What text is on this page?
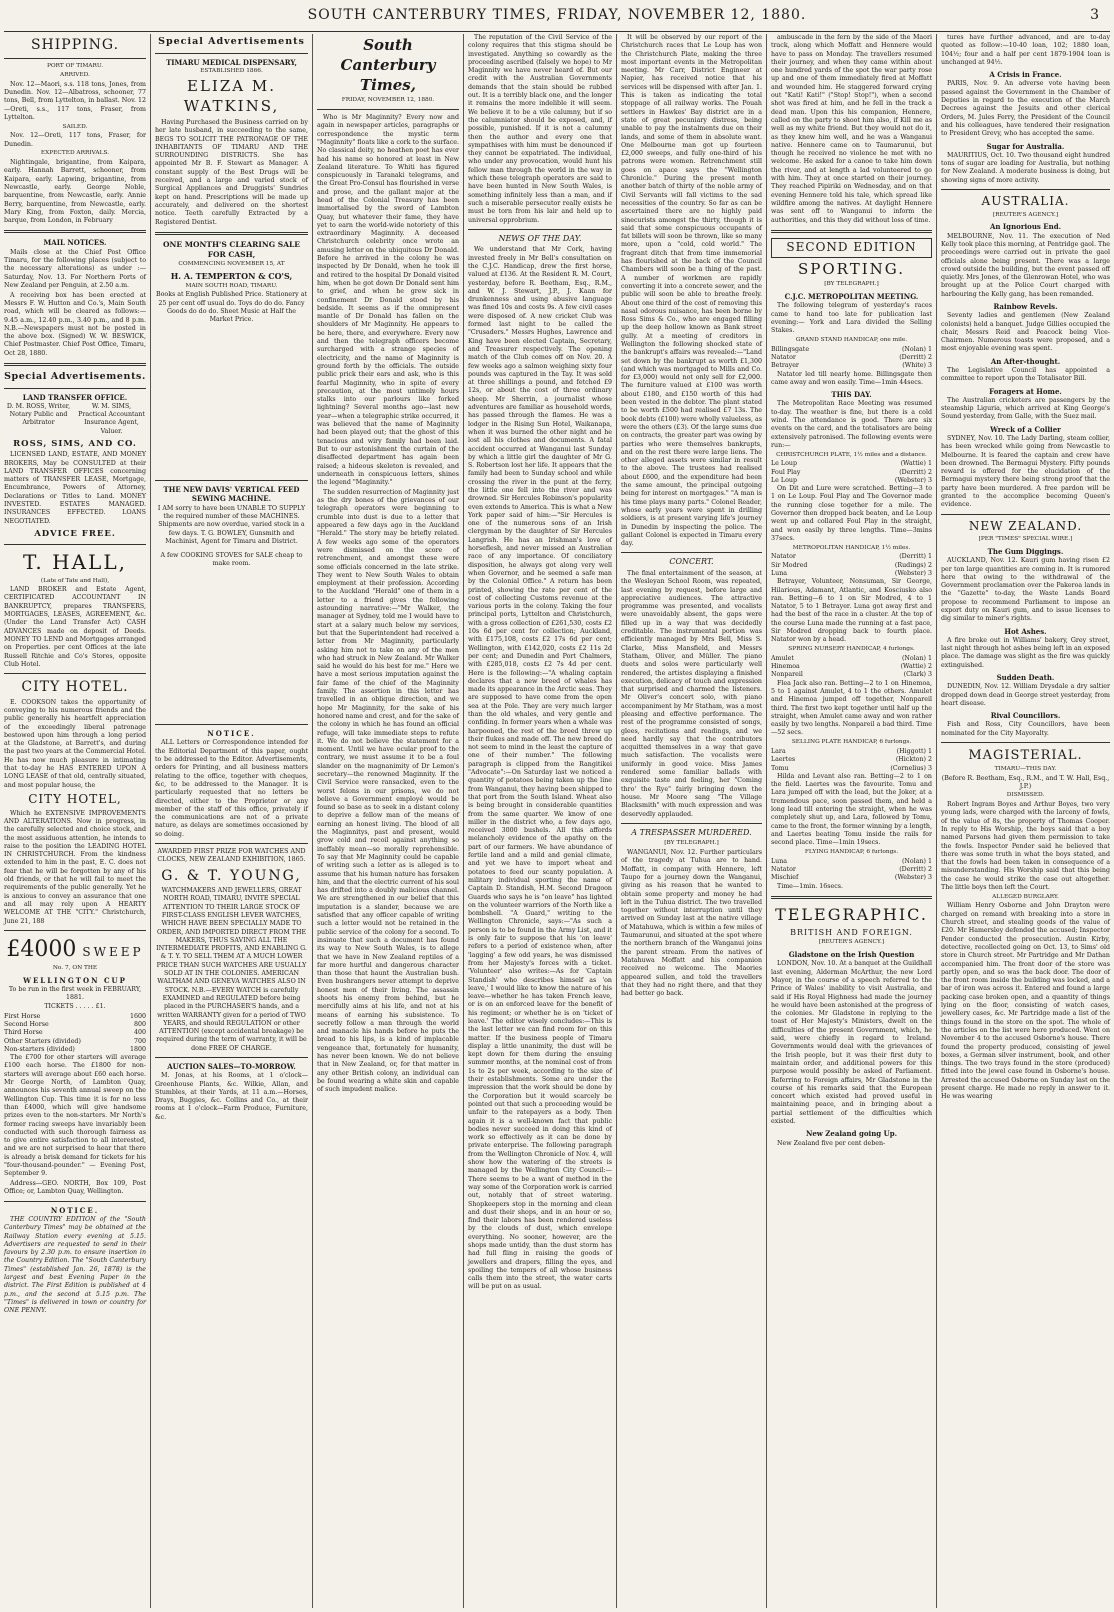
SOUTH CANTERBURY TIMES, FRIDAY, NOVEMBER 12, 1880.	3
SHIPPING.
PORT OF TIMARU.
ARRIVED.
Nov. 12—Maori, s.s. 118 tons, Jones, from Dunedin. Nov. 12—Albatross, schooner, 77 tons, Bell, from Lyttelton, in ballast. Nov. 12—Oreti, s.s., 117 tons, Fraser, from Lyttelton.
SAILED.
Nov. 12—Oreti, 117 tons, Fraser, for Dunedin.
EXPECTED ARRIVALS.
Nightingale, brigantine, from Kaipara, early. Hannah Barrett, schooner, from Kaipara, early. Lapwing, brigantine, from Newcastle, early. George Noble, barquentine, from Newcastle, early. Annie Berry, barquentine, from Newcastle, early. Mary King, from Foxton, daily. Mercia, barque, from London, in February
MAIL NOTICES.
Mails close at the Chief Post Office Timaru, for the following places (subject to the necessary alterations) as under :— Saturday, Nov. 13. For Northern Ports of New Zealand per Penguin, at 2.50 a.m.
A receiving box has been erected at Messrs F. W. Hutton and Co.'s, Main South road, which will be cleared as follows:—9.45 a.m., 12.40 p.m., 3.40 p.m., and 8 p.m. N.B.—Newspapers must not be posted in the above box. (Signed) W. W. BESWICK, Chief Postmaster. Chief Post Office, Timaru, Oct 28, 1880.
Special Advertisements.
LAND TRANSFER OFFICE.
D. M. ROSS, Writer, Notary Public and Arbitrator
W. M. SIMS, Practical Accountant Insurance Agent, Valuer.
ROSS, SIMS, AND CO.
LICENSED LAND, ESTATE, AND MONEY BROKERS, May be CONSULTED at their LAND TRANSFER OFFICES concerning matters of TRANSFER LEASE, Mortgage, Encumbrance, Powers of Attorney, Declarations or Titles to Land. MONEY INVESTED. ESTATES MANAGED. INSURANCES EFFECTED. LOANS NEGOTIATED.
ADVICE FREE.
T. HALL,
(Late of Tate and Hall),
LAND BROKER and Estate Agent, CERTIFICATED ACCOUNTANT IN BANKRUPTCY, prepares TRANSFERS, MORTGAGES, LEASES, AGREEMENT, &c. (Under the Land Transfer Act) CASH ADVANCES made on deposit of Deeds. MONEY TO LEND and Mortgages arranged on Properties. per cent Offices at the late Russell Ritchie and Co's Stores, opposite Club Hotel.
CITY HOTEL.
E. COOKSON takes the opportunity of conveying to his numerous friends and the public generally his heartfelt appreciation of the exceedingly liberal patronage bestowed upon him through a long period at the Gladstone, at Barrett's, and during the past two years at the Commercial Hotel. He has now much pleasure in intimating that to-day he HAS ENTERED UPON A LONG LEASE of that old, centrally situated, and most popular house, the
CITY HOTEL,
Which he EXTENSIVE IMPROVEMENTS AND ALTERATIONS. Now in progress, in the carefully selected and choice stock, and the most assiduous attention, he intends to raise to the position the LEADING HOTEL IN CHRISTCHURCH. From the kindness extended to him in the past, E. C. does not fear that he will be forgotten by any of his old friends, or that he will fail to meet the requirements of the public generally. Yet he is anxious to convey an assurance that one and all may rely upon A HEARTY WELCOME AT THE "CITY." Christchurch, June 21, 188
£4000 SWEEP
No. 7, ON THE
WELLINGTON CUP
To be run in the first week in FEBRUARY, 1881.
TICKETS . . . . . £1.
First Horse	1600
Second Horse	800
Third Horse	400
Other Starters (divided)	700
Non-starters (divided)	1800
The £700 for other starters will average £100 each horse. The £1800 for non-starters will average about £60 each horse. Mr George North, of Lambton Quay, announces his seventh annual sweep on the Wellington Cup. This time it is for no less than £4000, which will give handsome prizes even to the non-starters. Mr North's former racing sweeps have invariably been conducted with such thorough fairness as to give entire satisfaction to all interested, and we are not surprised to hear that there is already a brisk demand for tickets for his "four-thousand-pounder." — Evening Post, September 9.
Address—GEO. NORTH, Box 109, Post Office; or, Lambton Quay, Wellington.
NOTICE.
THE COUNTRY EDITION of the "South Canterbury Times" may be obtained at the Railway Station every evening at 5.15. Advertisers are requested to send in their favours by 2.30 p.m. to ensure insertion in the Country Edition. The "South Canterbury Times" (established Jan. 26, 1878) is the largest and best Evening Paper in the district. The First Edition is published at 4 p.m., and the second at 5.15 p.m. The "Times" is delivered in town or country for ONE PENNY.
Special Advertisements
TIMARU MEDICAL DISPENSARY,
ESTABLISHED 1866.
ELIZA M. WATKINS,
Having Purchased the Business carried on by her late husband, in succeeding to the same, BEGS TO SOLICIT THE PATRONAGE OF THE INHABITANTS OF TIMARU AND THE SURROUNDING DISTRICTS. She has appointed Mr B. F. Stewart as Manager. A constant supply of the Best Drugs will be received, and a large and varied stock of Surgical Appliances and Druggists' Sundries kept on hand. Prescriptions will be made up accurately, and delivered on the shortest notice. Teeth carefully Extracted by a Registered Dentist.
ONE MONTH'S CLEARING SALE FOR CASH,
COMMENCING NOVEMBER 15, AT
H. A. TEMPERTON & CO'S,
MAIN SOUTH ROAD, TIMARU.
Books at English Published Price. Stationery at 25 per cent off usual do. Toys do do do. Fancy Goods do do do. Sheet Music at Half the Market Price.
THE NEW DAVIS' VERTICAL FEED SEWING MACHINE.
I AM sorry to have been UNABLE TO SUPPLY the required number of these MACHINES. Shipments are now overdue, varied stock in a few days. T. G. BOWLEY, Gunsmith and Machinist, Agent for Timaru and District.
A few COOKING STOVES for SALE cheap to make room.
NOTICE.
ALL Letters or Correspondence intended for the Editorial Department of this paper, ought to be addressed to the Editor. Advertisements, orders for Printing, and all business matters relating to the office, together with cheques, &c, to be addressed to the Manager. It is particularly requested that no letters be directed, either to the Proprietor or any member of the staff of this office, privately if the communications are not of a private nature, as delays are sometimes occasioned by so doing.
AWARDED FIRST PRIZE FOR WATCHES AND CLOCKS, NEW ZEALAND EXHIBITION, 1865.
G. & T. YOUNG,
WATCHMAKERS AND JEWELLERS, GREAT NORTH ROAD, TIMARU, INVITE SPECIAL ATTENTION TO THEIR LARGE STOCK OF FIRST-CLASS ENGLISH LEVER WATCHES, WHICH HAVE BEEN SPECIALLY MADE TO ORDER, AND IMPORTED DIRECT FROM THE MAKERS, THUS SAVING ALL THE INTERMEDIATE PROFITS, AND ENABLING G. & T. Y. TO SELL THEM AT A MUCH LOWER PRICE THAN SUCH WATCHES ARE USUALLY SOLD AT IN THE COLONIES. AMERICAN WALTHAM AND GENEVA WATCHES ALSO IN STOCK. N.B.—EVERY WATCH is carefully EXAMINED and REGULATED before being placed in the PURCHASER'S hands, and a written WARRANTY given for a period of TWO YEARS, and should REGULATION or other ATTENTION (except accidental breakage) be required during the term of warranty, it will be done FREE OF CHARGE.
AUCTION SALES—TO-MORROW.
M. Jonas, at his Rooms, at 1 o'clock—Greenhouse Plants, &c. Wilkie, Allan, and Stumbles, at their Yards, at 11 a.m.—Horses, Drays, Buggies, &c. Collins and Co., at their rooms at 1 o'clock—Farm Produce, Furniture, &c.
South Canterbury Times,
FRIDAY, NOVEMBER 12, 1880.
Who is Mr Maginnity? Every now and again in newspaper articles, paragraphs or correspondence the mystic term "Maginnity" floats like a cork to the surface. No classical deity, no heathen poet has ever had his name so honored at least in New Zealand literature. To Whiti has figured conspicuously in Taranaki telegrams, and the Great Pro-Consul has flourished in verse and prose, and the gallant major at the head of the Colonial Treasury has been immortalised by the sword of Lambton Quay, but whatever their fame, they have yet to earn the world-wide notoriety of this extraordinary Maginnity. A deceased Christchurch celebrity once wrote an amusing letter on the ubiquitous Dr Donald. Before he arrived in the colony he was inspected by Dr Donald, when he took ill and retired to the hospital Dr Donald visited him, when he got down Dr Donald sent him to grief, and when he grew sick in confinement Dr Donald stood by his bedside. It seems as if the omnipresent mantle of Dr Donald has fallen on the shoulders of Mr Maginnity. He appears to be here, there, and everywhere. Every now and then the telegraph officers become surcharged with a strange species of electricity, and the name of Maginnity is ground forth by the officials. The outside public prick their ears and ask, who is this fearful Maginnity, who in spite of every precaution, at the most untimely hours stalks into our parlours like forked lightning? Several months ago—last new year—when a telegraphic strike occurred, it was believed that the name of Maginnity had been played out; that the ghost of this tenacious and wiry family had been laid. But to our astonishment the curtain of the disaffected department has again been raised; a hideous skeleton is revealed, and underneath in conspicuous letters, shines the legend "Maginnity."
The sudden resurrection of Maginnity just as the dry bones of the grievances of our telegraph operators were beginning to crumble into dust is due to a letter that appeared a few days ago in the Auckland "Herald." The story may be briefly related. A few weeks ago some of the operators were dismissed on the score of retrenchment, and amongst these were some officials concerned in the late strike. They went to New South Wales to obtain employment at their profession. According to the Auckland "Herald" one of them in a letter to a friend gives the following astounding narrative:—"Mr Walker, the manager at Sydney, told me I would have to start at a salary much below my services, but that the Superintendent had received a letter from Mr Maginnity, particularly asking him not to take on any of the men who had struck in New Zealand. Mr Walker said he would do his best for me." Here we have a most serious imputation against the fair fame of the chief of the Maginnity family. The assertion in this letter has travelled in an oblique direction, and we hope Mr Maginnity, for the sake of his honored name and crest, and for the sake of the colony in which he has found an official refuge, will take immediate steps to refute it. We do not believe the statement for a moment. Until we have ocular proof to the contrary, we must assume it to be a foul slander on the magnanimity of Dr Lemon's secretary—the renowned Maginnity. If the Civil Service were ransacked, even to the worst felons in our prisons, we do not believe a Government employé would be found so base as to seek in a distant colony to deprive a fellow man of the means of earning an honest living. The blood of all the Maginnitys, past and present, would grow cold and recoil against anything so ineffably mean—so morally reprehensible. To say that Mr Maginnity could be capable of writing such a letter as is alleged is to assume that his human nature has forsaken him, and that the electric current of his soul has drifted into a doubly malicious channel. We are strengthened in our belief that this imputation is a slander, because we are satisfied that any officer capable of writing such a letter would not be retained in the public service of the colony for a second. To insinuate that such a document has found its way to New South Wales, is to allege that we have in New Zealand reptiles of a far more hurtful and dangerous character than those that haunt the Australian bush. Even bushrangers never attempt to deprive honest men of their living. The assassin shoots his enemy from behind, but he mercifully aims at his life, and not at his means of earning his subsistence. To secretly follow a man through the world and manacle his hands before he puts the bread to his lips, is a kind of implacable vengeance that, fortunately for humanity, has never been known. We do not believe that in New Zealand, or, for that matter in any other British colony, an individual can be found wearing a white skin and capable of such impudent malice.
The reputation of the Civil Service of the colony requires that this stigma should be investigated. Anything so cowardly as the proceeding ascribed (falsely we hope) to Mr Maginnity we have never heard of. But our credit with the Australian Governments demands that the stain should be rubbed out. It is a terribly black one, and the longer it remains the more indelible it will seem. We believe it to be a vile calumny, but if so the calumniator should be exposed, and, if possible, punished. If it is not a calumny then the author and every one that sympathises with him must be denounced if they cannot be expatriated. The individual, who under any provocation, would hunt his fellow man through the world in the way in which these telegraph operators are said to have been hunted in New South Wales, is something infinitely less than a man, and if such a miserable persecutor really exists he must be torn from his lair and held up to universal opprobrium.
NEWS OF THE DAY.
We understand that Mr Cork, having invested freely in Mr Bell's consultation on the C.J.C. Handicap, drew the first horse, valued at £136. At the Resident R. M. Court, yesterday, before R. Beetham, Esq., R.M., and W. J. Stewart, J.P., J. Kaan for drunkenness and using abusive language was fined 10s and costs 9s. A few civil cases were disposed of. A new cricket Club was formed last night to be called the "Crusaders." Messrs Hughes, Lawrence and King have been elected Captain, Secretary, and Treasurer respectively. The opening match of the Club comes off on Nov. 20. A few weeks ago a salmon weighing sixty four pounds was captured in the Tay. It was sold at three shillings a pound, and fetched £9 12s, or about the cost of three ordinary sheep. Mr Sherrin, a journalist whose adventures are familiar as household words, has passed through the flames. He was a lodger in the Rising Sun Hotel, Waikanapa, when it was burned the other night and he lost all his clothes and documents. A fatal accident occurred at Wanganui last Sunday by which a little girl the daughter of Mr G. S. Robertson lost her life. It appears that the family had been to Sunday school and while crossing the river in the punt at the ferry, the little one fell into the river and was drowned. Sir Hercules Robinson's popularity even extends to America. This is what a New York paper said of him:—"Sir Hercules is one of the numerous sons of an Irish clergyman by the daughter of Sir Hercules Langrish. He has an Irishman's love of horseflesh, and never missed an Australian race of any importance. Of conciliatory disposition, he always got along very well when Governor, and he seemed a safe man by the Colonial Office." A return has been printed, showing the rate per cent of the cost of collecting Customs revenue at the various ports in the colony. Taking the four principal ports, Lyttelton and Christchurch, with a gross collection of £261,530, costs £2 10s 6d per cent for collection; Auckland, with £175,108, costs £2 17s 6d per cent; Wellington, with £142,020, costs £2 11s 2d per cent; and Dunedin and Port Chalmers, with £285,018, costs £2 7s 4d per cent. Here is the following:—"A whaling captain declares that a new breed of whales has made its appearance in the Arctic seas. They are supposed to have come from the open sea at the Pole. They are very much larger than the old whales, and very gentle and confiding. In former years when a whale was harpooned, the rest of the breed threw up their flukes and made off. The new breed do not seem to mind in the least the capture of one of their number." The following paragraph is clipped from the Rangitikei "Advocate":—On Saturday last we noticed a quantity of potatoes being taken up the line from Wanganui, they having been shipped to that port from the South Island. Wheat also is being brought in considerable quantities from the same quarter. We know of one miller in the district who, a few days ago, received 3000 bushels. All this affords melancholy evidence of the apathy on the part of our farmers. We have abundance of fertile land and a mild and genial climate, and yet we have to import wheat and potatoes to feed our scanty population. A military individual sporting the name of Captain D. Standish, H.M. Second Dragoon Guards who says he is "on leave" has lighted on the volunteer warriors of the North like a bombshell. "A Guard," writing to the Wellington Chronicle, says:—"As such a person is to be found in the Army List, and it is only fair to suppose that his 'on leave' refers to a period of existence when, after 'lagging' a few odd years, he was dismissed from her Majesty's forces with a ticket. 'Volunteer' also writes:—As for 'Captain Standish' who describes himself as 'on leave,' I would like to know the nature of his leave—whether he has taken French leave, or is on an enforced leave for the benefit of his regiment; or whether he is on 'ticket of leave.' The editor wisely concludes:—This is the last letter we can find room for on this matter. If the business people of Timaru display a little unanimity, the dust will be kept down for them during the ensuing summer months, at the nominal cost of from 1s to 2s per week, according to the size of their establishments. Some are under the impression that the work should be done by the Corporation but it would scarcely be pointed out that such a proceeding would be unfair to the ratepayers as a body. Then again it is a well-known fact that public bodies never succeed in doing this kind of work so effectively as it can be done by private enterprise. The following paragraph from the Wellington Chronicle of Nov. 4, will show how the watering of the streets is managed by the Wellington City Council:—There seems to be a want of method in the way some of the Corporation work is carried out, notably that of street watering. Shopkeepers stop in the morning and clean and dust their shops, and in an hour or so, find their labors has been rendered useless by the clouds of dust, which envelope everything. No sooner, however, are the shops made untidy, than the dust storm has had full fling in raising the goods of jewellers and drapers, filling the eyes, and spoiling the tempers of all whose business calls them into the street, the water carts will be put on as usual.
It will be observed by our report of the Christchurch races that Le Loup has won the Christchurch Plate, making the three most important events in the Metropolitan meeting. Mr Carr, District Engineer at Napier, has received notice that his services will be dispensed with after Jan. 1. This is taken as indicating the total stoppage of all railway works. The Pouah settlers in Hawkes' Bay district are in a state of great pecuniary distress, being unable to pay the instalments due on their lands, and some of them in absolute want. One Melbourne man got up fourteen £2,000 sweeps, and fully one-third of his patrons were women. Retrenchment still goes on apace says the "Wellington Chronicle." During the present month another batch of thirty of the noble army of Civil Servants will fall victims to the sad necessities of the country. So far as can be ascertained there are no highly paid sinecurists amongst the thirty, though it is said that some conspicuous occupants of fat billets will soon be thrown, like so many more, upon a "cold, cold world." The fragrant ditch that from time immemorial has flourished at the back of the Council Chambers will soon be a thing of the past. A number of workmen are rapidly converting it into a concrete sewer, and the public will soon be able to breathe freely. About one third of the cost of removing this nasal odorous nuisance, has been borne by Ross Sims & Co., who are engaged filling up the deep hollow known as Bank street gully. At a meeting of creditors in Wellington the following shocked state of the bankrupt's affairs was revealed:—"Land set down by the bankrupt as worth £1,300 (and which was mortgaged to Mills and Co. for £3,000) would not only sell for £2,000. The furniture valued at £100 was worth about £180, and £150 worth of this had been vested in the debtor. The plant stated to be worth £500 had realised £7 13s. The book debts (£100) were wholly valueless, as were the others (£3). Of the large sums due on contracts, the greater part was owing by parties who were themselves bankrupts, and on the rest there were large liens. The other alleged assets were similar in result to the above. The trustees had realised about £600, and the expenditure had been the same amount, the principal outgoing being for interest on mortgages." "A man is his time plays many parts." Colonel Reader, whose early years were spent in drilling soldiers, is at present varying life's journey in Dunedin by inspecting the police. The gallant Colonel is expected in Timaru every day.
CONCERT.
The final entertainment of the season, at the Wesleyan School Room, was repeated, last evening by request, before large and appreciative audiences. The attractive programme was presented, and vocalists were unavoidably absent, the gaps were filled up in a way that was decidedly creditable. The instrumental portion was efficiently managed by Mrs Bell, Miss S. Clarke, Miss Mansfield, and Messrs Statham, Oliver, and Müller. The piano duets and solos were particularly well rendered, the artistes displaying a finished execution, delicacy of touch and expression that surprised and charmed the listeners. Mr Oliver's concert solo, with piano accompaniment by Mr Statham, was a most pleasing and effective performance. The rest of the programme consisted of songs, glees, recitations and readings, and we need hardly say that the contributors acquitted themselves in a way that gave much satisfaction. The vocalists were uniformly in good voice. Miss James rendered some familiar ballads with exquisite taste and feeling, her "Coming thro' the Rye" fairly bringing down the house. Mr Moore sang "The Village Blacksmith" with much expression and was deservedly applauded.
A TRESPASSER MURDERED.
[BY TELEGRAPH.]
WANGANUI, Nov. 12. Further particulars of the tragedy at Tuhua are to hand. Moffatt, in company with Hennere, left Taupo for a journey down the Wanganui, giving as his reason that he wanted to obtain some property and money he had left in the Tuhua district. The two travelled together without interruption until they arrived on Sunday last at the native village of Matahuwa, which is within a few miles of Taumarunui, and situated at the spot where the northern branch of the Wanganui joins the parent stream. From the natives of Matahuwa Moffatt and his companion received no welcome. The Maories appeared sullen, and told the travellers that they had no right there, and that they had better go back.
ambuscade in the fern by the side of the Maori track, along which Moffatt and Hennere would have to pass on Monday. The travellers resumed their journey, and when they came within about one hundred yards of the spot the war party rose up and one of them immediately fired at Moffatt and wounded him. He staggered forward crying out "Kati! Kati!" ("Stop! Stop!"), when a second shot was fired at him, and he fell in the track a dead man. Upon this his companion, Hennere, called on the party to shoot him also, if Kill me as well as my white friend. But they would not do it, as they knew him well, and he was a Wanganui native. Hennere came on to Taumarunui, but though he received no violence he met with no welcome. He asked for a canoe to take him down the river, and at length a lad volunteered to go with him. They at once started on their journey. They reached Pipiriki on Wednesday, and on that evening Hennere told his tale, which spread like wildfire among the natives. At daylight Hennere was sent off to Wanganui to inform the authorities, and this they did without loss of time.
SECOND EDITION
SPORTING.
[BY TELEGRAPH.]
C.J.C. METROPOLITAN MEETING.
The following telegram of yesterday's races came to hand too late for publication last evening:— York and Lara divided the Selling Stakes.
GRAND STAND HANDICAP, one mile.
Billingsgate	(Nolan) 1
Natator	(Derritt) 2
Betrayer	(White) 3
Natator led till nearly home. Billingsgate then came away and won easily. Time—1min 44secs.
THIS DAY.
The Metropolitan Race Meeting was resumed to-day. The weather is fine, but there is a cold wind. The attendance is good. There are six events on the card, and the totalisators are being extensively patronised. The following events were run:—
CHRISTCHURCH PLATE, 1½ miles and a distance.
Le Loup	(Wattie) 1
Foul Play	(Derritt) 2
Le Loup	(Webster) 3
On Dit and Lure were scratched. Betting—3 to 1 on Le Loup. Foul Play and The Governor made the running close together for a mile. The Governor then dropped back beaten, and Le Loup went up and collared Foul Play in the straight, and won easily by three lengths. Time—3mins 37secs.
METROPOLITAN HANDICAP, 1½ miles.
Natator	(Derritt) 1
Sir Modred	(Rudings) 2
Luna	(Webster) 3
Betrayer, Volunteer, Nonsuman, Sir George, Hilarious, Adamant, Atlantic, and Kosciusko also ran. Betting—6 to 1 on Sir Modred, 4 to 1 Natator, 5 to 1 Betrayer. Luna got away first and had the best of the race in a cluster. At the top of the course Luna made the running at a fast pace, Sir Modred dropping back to fourth place. Natator won by a head.
SPRING NURSERY HANDICAP, 4 furlongs.
Amulet	(Nolan) 1
Hinemoa	(Wattie) 2
Nonpareil	(Clark) 3
Flea Jack also ran. Betting—2 to 1 on Hinemoa, 5 to 1 against Amulet, 4 to 1 the others. Amulet and Hinemoa jumped off together, Nonpareil third. The first two kept together until half up the straight, when Amulet came away and won rather easily by two lengths. Nonpareil a bad third. Time—52 secs.
SELLING PLATE HANDICAP, 6 furlongs.
Lara	(Higgott) 1
Laertes	(Hickton) 2
Tomu	(Cornelius) 3
Hilda and Levant also ran. Betting—2 to 1 on the field. Laertes was the favourite. Tomu and Lara jumped off with the lead, but the Joker, at a tremendous pace, soon passed them, and held a long lead till entering the straight, when he was completely shut up, and Lara, followed by Tomu, came to the front, the former winning by a length, and Laertes beating Tomu inside the rails for second place. Time—1min 19secs.
FLYING HANDICAP, 6 furlongs.
Luna	(Nolan) 1
Natator	(Derritt) 2
Mischief	(Webster) 3
Time—1min. 16secs.
TELEGRAPHIC.
BRITISH AND FOREIGN.
[REUTER'S AGENCY.]
Gladstone on the Irish Question
LONDON, Nov. 10. At a banquet at the Guildhall last evening, Alderman McArthur, the new Lord Mayor, in the course of a speech referred to the Prince of Wales' inability to visit Australia, and said if His Royal Highness had made the journey he would have been astonished at the progress of the colonies. Mr Gladstone in replying to the toast of Her Majesty's Ministers, dwelt on the difficulties of the present Government, which, he said, were chiefly in regard to Ireland. Governments would deal with the grievances of the Irish people, but it was their first duty to maintain order, and additional powers for this purpose would possibly be asked of Parliament. Referring to Foreign affairs, Mr Gladstone in the course of his remarks said that the European concert which existed had proved useful in maintaining peace, and in bringing about a partial settlement of the difficulties which existed.
New Zealand going Up.
New Zealand five per cent deben-
tures have further advanced, and are to-day quoted as follow:—10-40 loan, 102; 1880 loan, 104½; four and a half per cent 1879-1904 loan is unchanged at 94½.
A Crisis in France.
PARIS, Nov. 9. An adverse vote having been passed against the Government in the Chamber of Deputies in regard to the execution of the March Decrees against the Jesuits and other clerical Orders, M. Jules Ferry, the President of the Council and his colleagues, have tendered their resignation to President Grevy, who has accepted the same.
Sugar for Australia.
MAURITIUS, Oct. 10. Two thousand eight hundred tons of sugar are loading for Australia, but nothing for New Zealand. A moderate business is doing, but showing signs of more activity.
AUSTRALIA.
[REUTER'S AGENCY.]
An Ignorious End.
MELBOURNE, Nov. 11. The execution of Ned Kelly took place this morning, at Pentridge gaol. The proceedings were carried out in private the gaol officials alone being present. There was a large crowd outside the building, but the event passed off quietly. Mrs Jones, of the Glenrowan Hotel, who was brought up at the Police Court charged with harbouring the Kelly gang, has been remanded.
Rainbow Revels.
Seventy ladies and gentlemen (New Zealand colonists) held a banquet. Judge Gillies occupied the chair, Messrs Reid and Peacock being Vice-Chairmen. Numerous toasts were proposed, and a most enjoyable evening was spent.
An After-thought.
The Legislative Council has appointed a committee to report upon the Totalisator Bill.
Foragers at Home.
The Australian cricketers are passengers by the steamship Liguria, which arrived at King George's Sound yesterday, from Galle, with the Suez mail.
Wreck of a Collier
SYDNEY, Nov. 10. The Lady Darling, steam collier, has been wrecked while going from Newcastle to Melbourne. It is feared the captain and crew have been drowned. The Bermagui Mystery. Fifty pounds reward is offered for the elucidation of the Bermagui mystery there being strong proof that the party have been murdered. A free pardon will be granted to the accomplice becoming Queen's evidence.
NEW ZEALAND.
[PER "TIMES" SPECIAL WIRE.]
The Gum Diggings.
AUCKLAND, Nov. 12. Kauri gum having risen £2 per ton large quantities are coming in. It is rumored here that owing to the withdrawal of the Government proclamation over the Pakeroa lands in the "Gazette" to-day, the Waste Lands Board propose to recommend Parliament to impose an export duty on Kauri gum, and to issue licenses to dig similar to miner's rights.
Hot Ashes.
A fire broke out in Williams' bakery, Grey street, last night through hot ashes being left in an exposed place. The damage was slight as the fire was quickly extinguished.
Sudden Death.
DUNEDIN, Nov. 12. William Drysdale a dry saltier dropped down dead in George street yesterday, from heart disease.
Rival Councillors.
Fish and Ross, City Councillors, have been nominated for the City Mayoralty.
MAGISTERIAL.
TIMARU—THIS DAY.
(Before R. Beetham, Esq., R.M., and T. W. Hall, Esq., J.P.)
DISMISSED.
Robert Ingram Boyes and Arthur Boyes, two very young lads, were charged with the larceny of fowls, of the value of 8s, the property of Thomas Cooper. In reply to His Worship, the boys said that a boy named Parsons had given them permission to take the fowls. Inspector Pender said he believed that there was some truth in what the boys stated, and that the fowls had been taken in consequence of a misunderstanding. His Worship said that this being the case he would strike the case out altogether. The little boys then left the Court.
ALLEGED BURGLARY.
William Henry Osborne and John Drayton were charged on remand with breaking into a store in Church street, and stealing goods of the value of £20. Mr Hamersley defended the accused; Inspector Pender conducted the prosecution. Austin Kirby, detective, recollected going on Oct. 13, to Sims' old store in Church street. Mr Partridge and Mr Dathan accompanied him. The front door of the store was partly open, and so was the back door. The door of the front room inside the building was locked, and a bar of iron was across it. Entered and found a large packing case broken open, and a quantity of things lying on the floor, consisting of watch cases, jewellery cases, &c. Mr Partridge made a list of the things found in the store on the spot. The whole of the articles on the list were here produced. Went on November 4 to the accused Osborne's house. There found the property produced, consisting of jewel boxes, a German silver instrument, book, and other things. The two trays found in the store (produced) fitted into the jewel case found in Osborne's house. Arrested the accused Osborne on Sunday last on the present charge. He made no reply in answer to it. He was wearing
